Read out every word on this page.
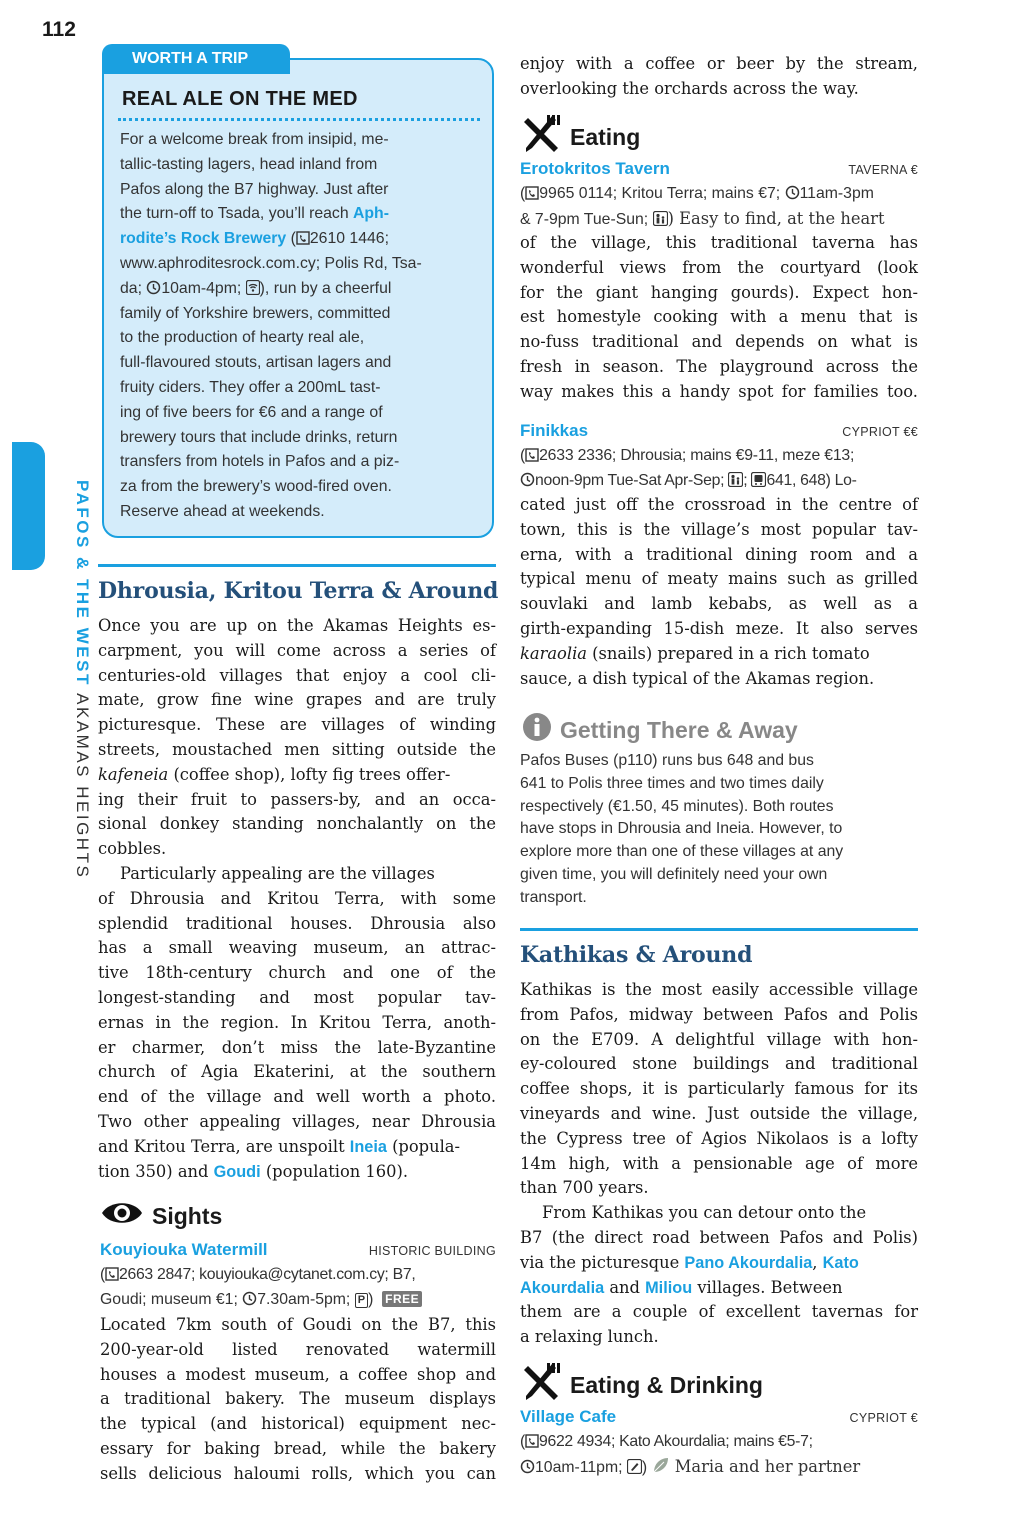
112
PAFOS & THE WEST AKAMAS HEIGHTS
WORTH A TRIP
REAL ALE ON THE MED
For a welcome break from insipid, me-
tallic-tasting lagers, head inland from
Pafos along the B7 highway. Just after
the turn-off to Tsada, you’ll reach Aph-
rodite’s Rock Brewery ( 2610 1446;
www.aphroditesrock.com.cy; Polis Rd, Tsa-
da; 10am-4pm; ), run by a cheerful
family of Yorkshire brewers, committed
to the production of hearty real ale,
full-flavoured stouts, artisan lagers and
fruity ciders. They offer a 200mL tast-
ing of five beers for €6 and a range of
brewery tours that include drinks, return
transfers from hotels in Pafos and a piz-
za from the brewery’s wood-fired oven.
Reserve ahead at weekends.
Dhrousia, Kritou Terra & Around
Once you are up on the Akamas Heights es-
carpment, you will come across a series of
centuries-old villages that enjoy a cool cli-
mate, grow fine wine grapes and are truly
picturesque. These are villages of winding
streets, moustached men sitting outside the
kafeneia (coffee shop), lofty fig trees offer-
ing their fruit to passers-by, and an occa-
sional donkey standing nonchalantly on the
cobbles.
Particularly appealing are the villages
of Dhrousia and Kritou Terra, with some
splendid traditional houses. Dhrousia also
has a small weaving museum, an attrac-
tive 18th-century church and one of the
longest-standing and most popular tav-
ernas in the region. In Kritou Terra, anoth-
er charmer, don’t miss the late-Byzantine
church of Agia Ekaterini, at the southern
end of the village and well worth a photo.
Two other appealing villages, near Dhrousia
and Kritou Terra, are unspoilt Ineia (popula-
tion 350) and Goudi (population 160).
Sights
Kouyiouka Watermill	HISTORIC BUILDING
( 2663 2847; kouyiouka@cytanet.com.cy; B7,
Goudi; museum €1; 7.30am-5pm; P )  FREE
Located 7km south of Goudi on the B7, this
200-year-old listed renovated watermill
houses a modest museum, a coffee shop and
a traditional bakery. The museum displays
the typical (and historical) equipment nec-
essary for baking bread, while the bakery
sells delicious haloumi rolls, which you can
enjoy with a coffee or beer by the stream,
overlooking the orchards across the way.
Eating
Erotokritos Tavern	TAVERNA €
( 9965 0114; Kritou Terra; mains €7; 11am-3pm
& 7-9pm Tue-Sun; ) Easy to find, at the heart
of the village, this traditional taverna has
wonderful views from the courtyard (look
for the giant hanging gourds). Expect hon-
est homestyle cooking with a menu that is
no-fuss traditional and depends on what is
fresh in season. The playground across the
way makes this a handy spot for families too.
Finikkas	CYPRIOT €€
( 2633 2336; Dhrousia; mains €9-11, meze €13;
noon-9pm Tue-Sat Apr-Sep; ; 641, 648) Lo-
cated just off the crossroad in the centre of
town, this is the village’s most popular tav-
erna, with a traditional dining room and a
typical menu of meaty mains such as grilled
souvlaki and lamb kebabs, as well as a
girth-expanding 15-dish meze. It also serves
karaolia (snails) prepared in a rich tomato
sauce, a dish typical of the Akamas region.
Getting There & Away
Pafos Buses (p110) runs bus 648 and bus
641 to Polis three times and two times daily
respectively (€1.50, 45 minutes). Both routes
have stops in Dhrousia and Ineia. However, to
explore more than one of these villages at any
given time, you will definitely need your own
transport.
Kathikas & Around
Kathikas is the most easily accessible village
from Pafos, midway between Pafos and Polis
on the E709. A delightful village with hon-
ey-coloured stone buildings and traditional
coffee shops, it is particularly famous for its
vineyards and wine. Just outside the village,
the Cypress tree of Agios Nikolaos is a lofty
14m high, with a pensionable age of more
than 700 years.
From Kathikas you can detour onto the
B7 (the direct road between Pafos and Polis)
via the picturesque Pano Akourdalia, Kato
Akourdalia and Miliou villages. Between
them are a couple of excellent tavernas for
a relaxing lunch.
Eating & Drinking
Village Cafe	CYPRIOT €
( 9622 4934; Kato Akourdalia; mains €5-7;
10am-11pm; )  Maria and her partner
